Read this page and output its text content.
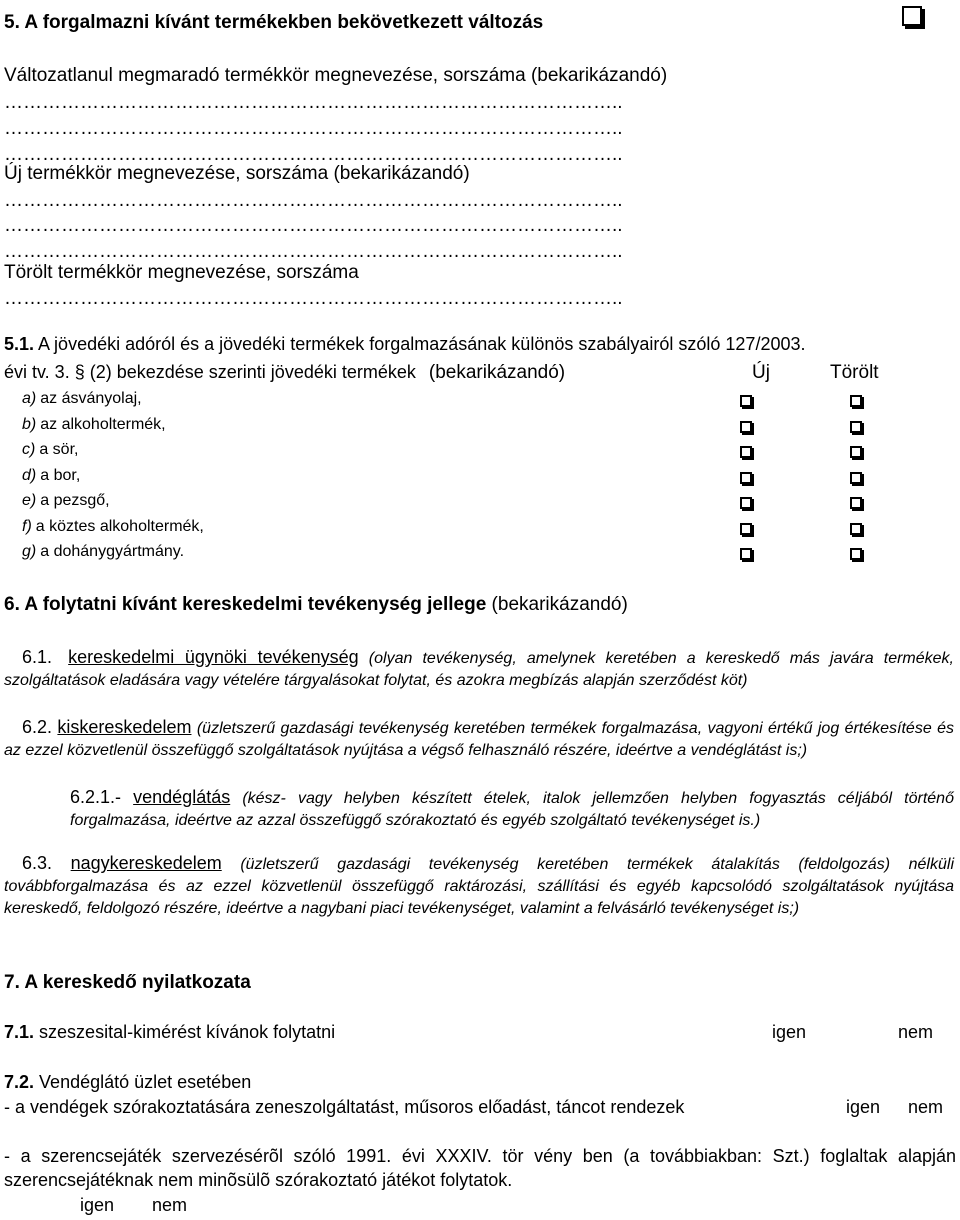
5. A forgalmazni kívánt termékekben bekövetkezett változás
Változatlanul megmaradó termékkör megnevezése, sorszáma (bekarikázandó)
……………………………………………………………………………………..
……………………………………………………………………………………..
……………………………………………………………………………………..
Új termékkör megnevezése, sorszáma (bekarikázandó)
……………………………………………………………………………………..
……………………………………………………………………………………..
……………………………………………………………………………………..
Törölt termékkör megnevezése, sorszáma
……………………………………………………………………………………..
5.1. A jövedéki adóról és a jövedéki termékek forgalmazásának különös szabályairól szóló 127/2003.
évi tv. 3. § (2) bekezdése szerinti jövedéki termékek (bekarikázandó)	Új	Törölt
a) az ásványolaj,
b) az alkoholtermék,
c) a sör,
d) a bor,
e) a pezsgő,
f) a köztes alkoholtermék,
g) a dohánygyártmány.
6. A folytatni kívánt kereskedelmi tevékenység jellege (bekarikázandó)
6.1. kereskedelmi ügynöki tevékenység (olyan tevékenység, amelynek keretében a kereskedő más javára termékek, szolgáltatások eladására vagy vételére tárgyalásokat folytat, és azokra megbízás alapján szerződést köt)
6.2. kiskereskedelem (üzletszerű gazdasági tevékenység keretében termékek forgalmazása, vagyoni értékű jog értékesítése és az ezzel közvetlenül összefüggő szolgáltatások nyújtása a végső felhasználó részére, ideértve a vendéglátást is;)
6.2.1.- vendéglátás (kész- vagy helyben készített ételek, italok jellemzően helyben fogyasztás céljából történő forgalmazása, ideértve az azzal összefüggő szórakoztató és egyéb szolgáltató tevékenységet is.)
6.3. nagykereskedelem (üzletszerű gazdasági tevékenység keretében termékek átalakítás (feldolgozás) nélküli továbbforgalmazása és az ezzel közvetlenül összefüggő raktározási, szállítási és egyéb kapcsolódó szolgáltatások nyújtása kereskedő, feldolgozó részére, ideértve a nagybani piaci tevékenységet, valamint a felvásárló tevékenységet is;)
7. A kereskedő nyilatkozata
7.1. szeszesital-kimérést kívánok folytatni	igen	nem
7.2. Vendéglátó üzlet esetében
- a vendégek szórakoztatására zeneszolgáltatást, műsoros előadást, táncot rendezek	igen nem
- a szerencsejáték szervezésérõl szóló 1991. évi XXXIV. tör vény ben (a továbbiakban: Szt.) foglaltak alapján szerencsejátéknak nem minõsülõ szórakoztató játékot folytatok.
igen nem
